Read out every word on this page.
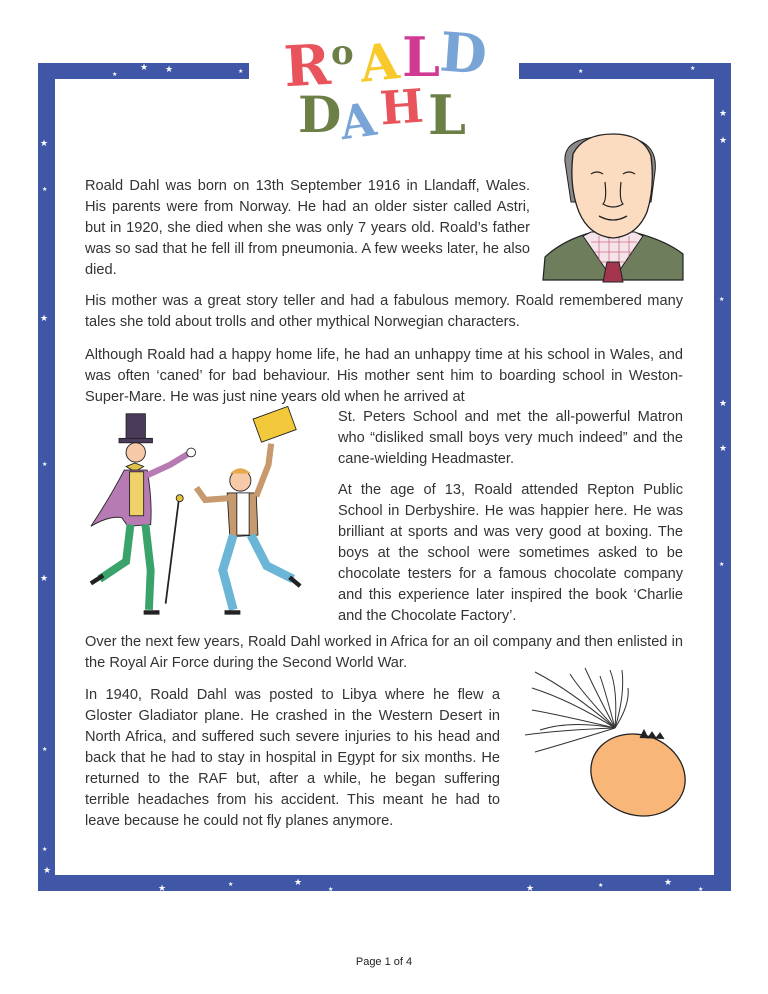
★
★ ★	★	★	★
★
★
★
★
★
★
★
★
★
★
★
★
★
★
★	★	★
★	★	★	★
★
R
o A L
D
D
A
H L

Roald Dahl was born on 13th September 1916 in Llandaff, Wales. His parents were from Norway. He had an older sister called Astri, but in 1920, she died when she was only 7 years old. Roald’s father was so sad that he fell ill from pneumonia. A few weeks later, he also died.

His mother was a great story teller and had a fabulous memory. Roald remembered many tales she told about trolls and other mythical Norwegian characters.

Although Roald had a happy home life, he had an unhappy time at his school in Wales, and was often ‘caned’ for bad behaviour. His mother sent him to boarding school in Weston-Super-Mare. He was just nine years old when he arrived at

St. Peters School and met the all-powerful Matron who “disliked small boys very much indeed” and the cane-wielding Headmaster.

At the age of 13, Roald attended Repton Public School in Derbyshire. He was happier here. He was brilliant at sports and was very good at boxing. The boys at the school were sometimes asked to be chocolate testers for a famous chocolate company and this experience later inspired the book ‘Charlie and the Chocolate Factory’.

Over the next few years, Roald Dahl worked in Africa for an oil company and then enlisted in the Royal Air Force during the Second World War.

In 1940, Roald Dahl was posted to Libya where he flew a Gloster Gladiator plane. He crashed in the Western Desert in North Africa, and suffered such severe injuries to his head and back that he had to stay in hospital in Egypt for six months. He returned to the RAF but, after a while, he began suffering terrible headaches from his accident. This meant he had to leave because he could not fly planes anymore.

Page 1 of 4
